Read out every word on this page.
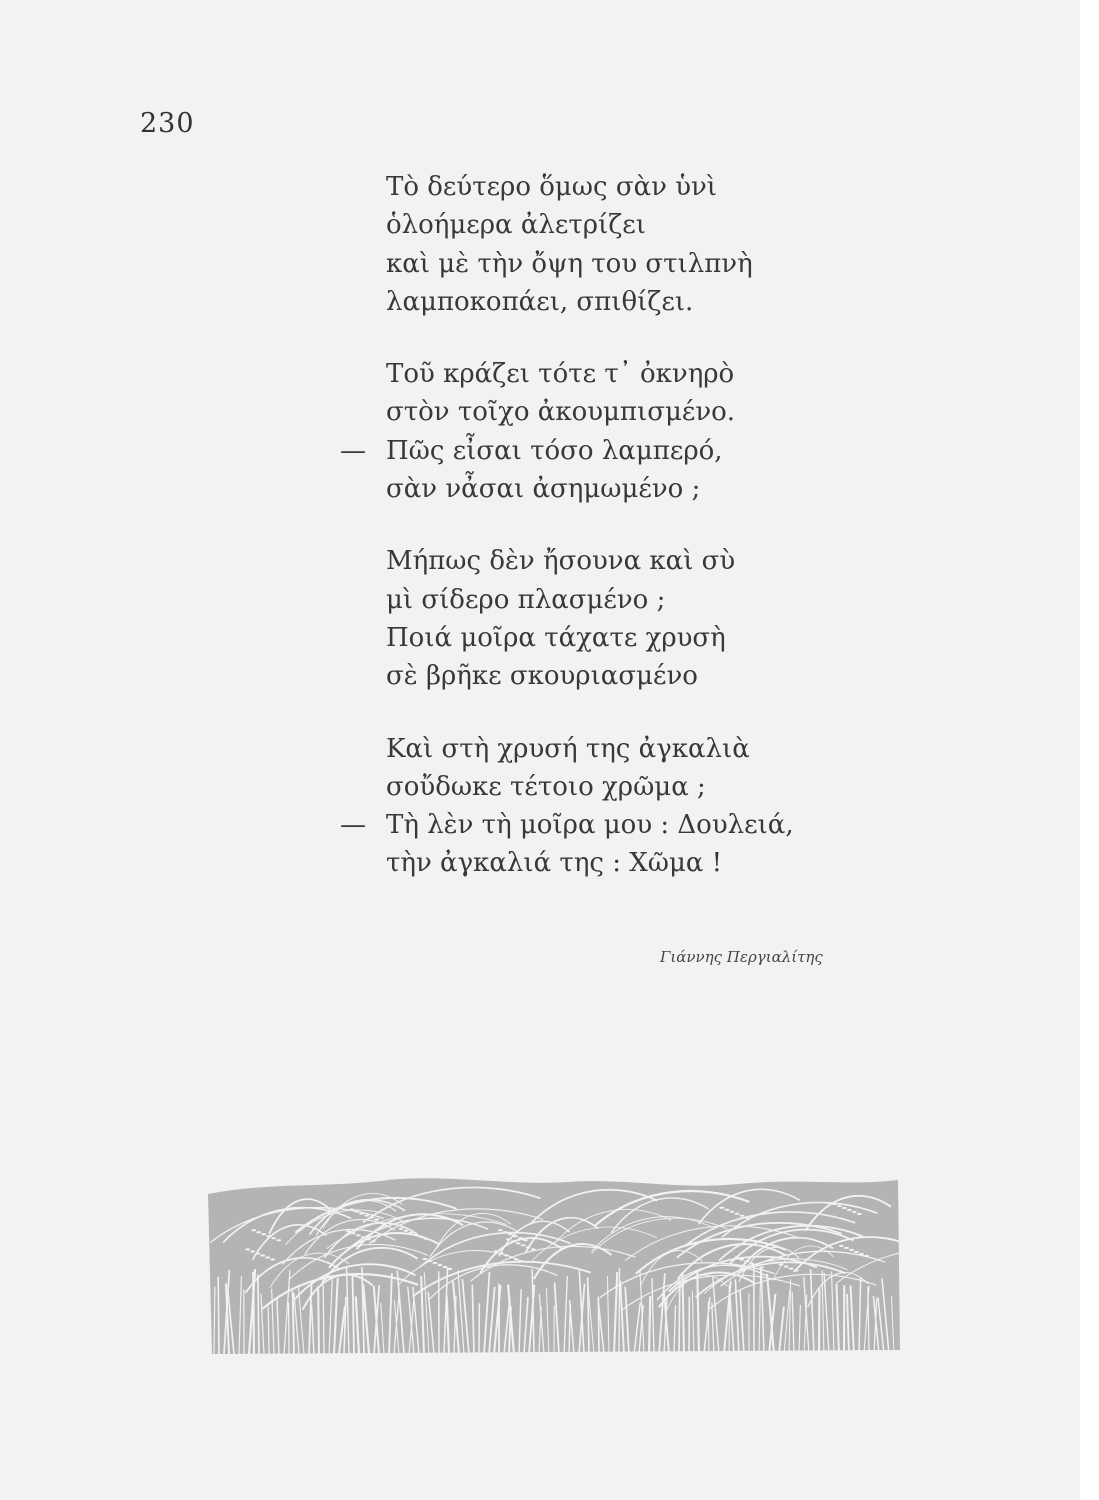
230
Τὸ δεύτερο ὅμως σὰν ὑνὶ
ὁλοήμερα ἀλετρίζει
καὶ μὲ τὴν ὄψη του στιλπνὴ
λαμποκοπάει, σπιθίζει.
Τοῦ κράζει τότε τ᾽ ὀκνηρὸ
στὸν τοῖχο ἀκουμπισμένο.
— Πῶς εἶσαι τόσο λαμπερό,
σὰν νἆσαι ἀσημωμένο ;
Μήπως δὲν ἤσουνα καὶ σὺ
μὶ σίδερο πλασμένο ;
Ποιά μοῖρα τάχατε χρυσὴ
σὲ βρῆκε σκουριασμένο
Καὶ στὴ χρυσή της ἀγκαλιὰ
σοὔδωκε τέτοιο χρῶμα ;
— Τὴ λὲν τὴ μοῖρα μου : Δουλειά,
τὴν ἀγκαλιά της : Χῶμα !
Γιάννης Περγιαλίτης
